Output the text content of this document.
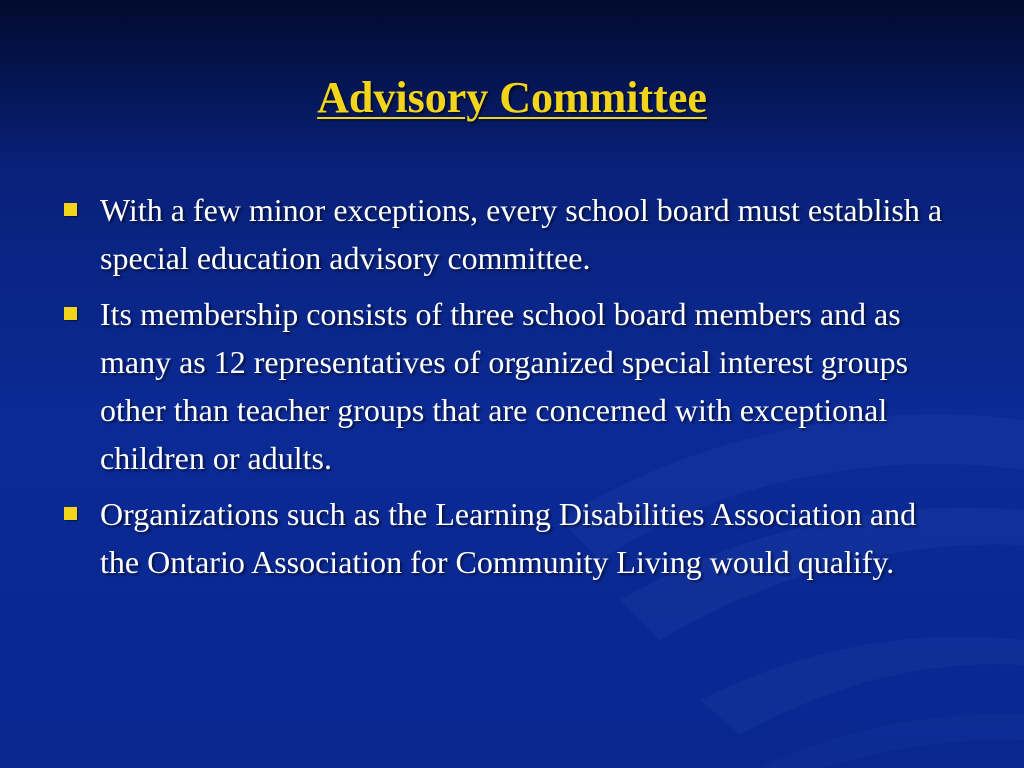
Advisory Committee
With a few minor exceptions, every school board must establish a special education advisory committee.
Its membership consists of three school board members and as many as 12 representatives of organized special interest groups other than teacher groups that are concerned with exceptional children or adults.
Organizations such as the Learning Disabilities Association and the Ontario Association for Community Living would qualify.
